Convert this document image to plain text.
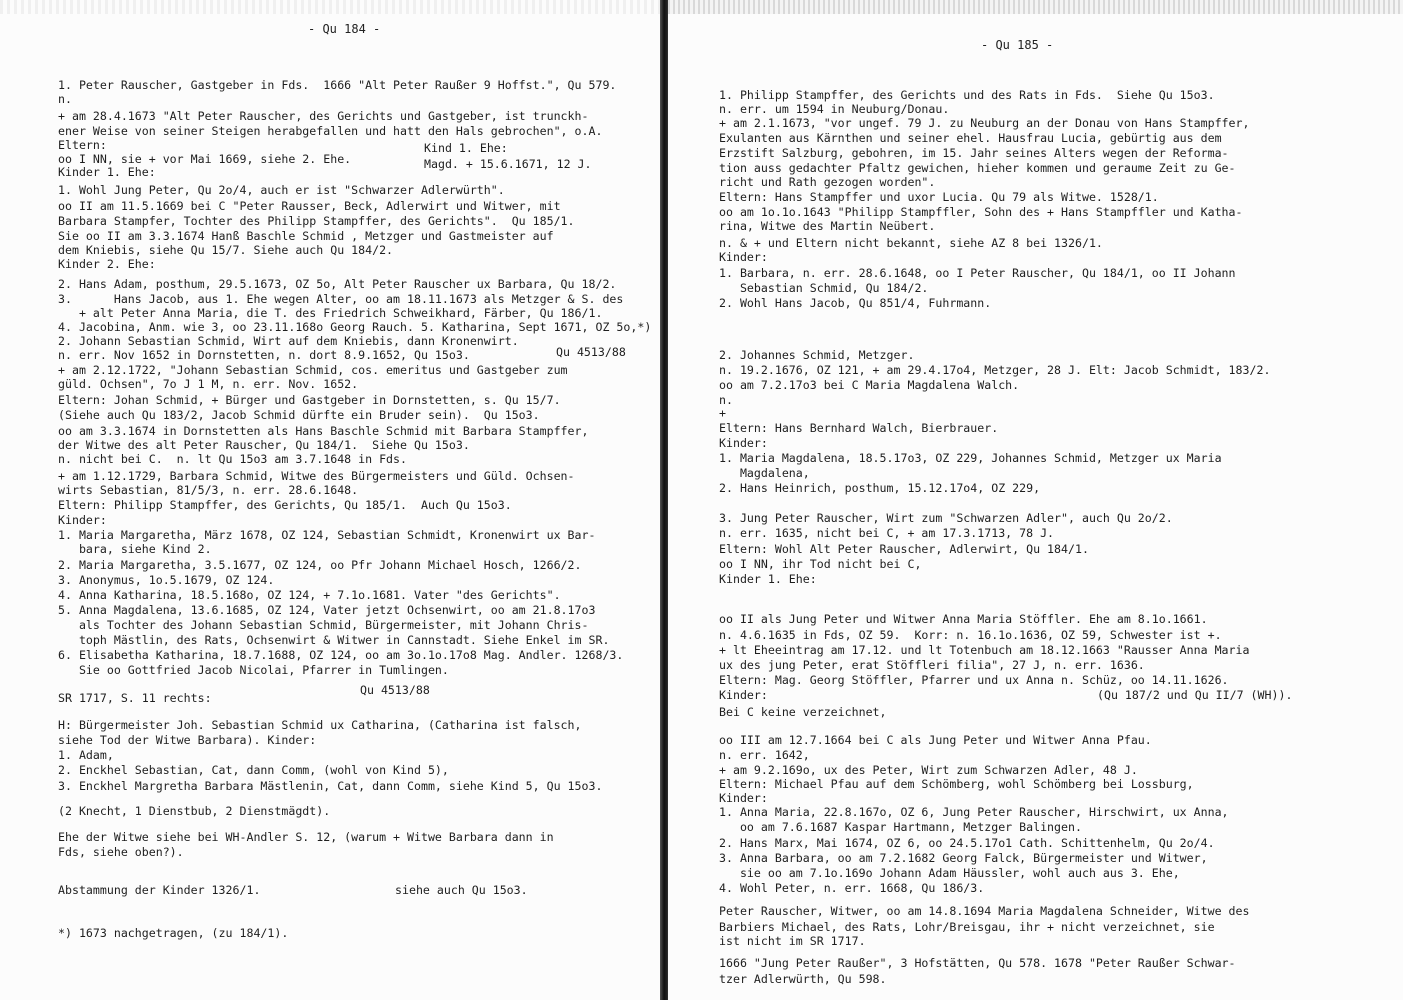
- Qu 184 -
1. Peter Rauscher, Gastgeber in Fds.  1666 "Alt Peter Raußer 9 Hoffst.", Qu 579.
n.
+ am 28.4.1673 "Alt Peter Rauscher, des Gerichts und Gastgeber, ist trunckh-
ener Weise von seiner Steigen herabgefallen und hatt den Hals gebrochen", o.A.
Eltern:
oo I NN, sie + vor Mai 1669, siehe 2. Ehe.
Kinder 1. Ehe:
1. Wohl Jung Peter, Qu 2o/4, auch er ist "Schwarzer Adlerwürth".
oo II am 11.5.1669 bei C "Peter Rausser, Beck, Adlerwirt und Witwer, mit
Barbara Stampfer, Tochter des Philipp Stampffer, des Gerichts".  Qu 185/1.
Sie oo II am 3.3.1674 Hanß Baschle Schmid , Metzger und Gastmeister auf
dem Kniebis, siehe Qu 15/7. Siehe auch Qu 184/2.
Kinder 2. Ehe:
2. Hans Adam, posthum, 29.5.1673, OZ 5o, Alt Peter Rauscher ux Barbara, Qu 18/2.
3.      Hans Jacob, aus 1. Ehe wegen Alter, oo am 18.11.1673 als Metzger & S. des
+ alt Peter Anna Maria, die T. des Friedrich Schweikhard, Färber, Qu 186/1.
4. Jacobina, Anm. wie 3, oo 23.11.168o Georg Rauch. 5. Katharina, Sept 1671, OZ 5o,*)
2. Johann Sebastian Schmid, Wirt auf dem Kniebis, dann Kronenwirt.
n. err. Nov 1652 in Dornstetten, n. dort 8.9.1652, Qu 15o3.
+ am 2.12.1722, "Johann Sebastian Schmid, cos. emeritus und Gastgeber zum
güld. Ochsen", 7o J 1 M, n. err. Nov. 1652.
Eltern: Johan Schmid, + Bürger und Gastgeber in Dornstetten, s. Qu 15/7.
(Siehe auch Qu 183/2, Jacob Schmid dürfte ein Bruder sein).  Qu 15o3.
oo am 3.3.1674 in Dornstetten als Hans Baschle Schmid mit Barbara Stampffer,
der Witwe des alt Peter Rauscher, Qu 184/1.  Siehe Qu 15o3.
n. nicht bei C.  n. lt Qu 15o3 am 3.7.1648 in Fds.
+ am 1.12.1729, Barbara Schmid, Witwe des Bürgermeisters und Güld. Ochsen-
wirts Sebastian, 81/5/3, n. err. 28.6.1648.
Eltern: Philipp Stampffer, des Gerichts, Qu 185/1.  Auch Qu 15o3.
Kinder:
1. Maria Margaretha, März 1678, OZ 124, Sebastian Schmidt, Kronenwirt ux Bar-
bara, siehe Kind 2.
2. Maria Margaretha, 3.5.1677, OZ 124, oo Pfr Johann Michael Hosch, 1266/2.
3. Anonymus, 1o.5.1679, OZ 124.
4. Anna Katharina, 18.5.168o, OZ 124, + 7.1o.1681. Vater "des Gerichts".
5. Anna Magdalena, 13.6.1685, OZ 124, Vater jetzt Ochsenwirt, oo am 21.8.17o3
als Tochter des Johann Sebastian Schmid, Bürgermeister, mit Johann Chris-
toph Mästlin, des Rats, Ochsenwirt & Witwer in Cannstadt. Siehe Enkel im SR.
6. Elisabetha Katharina, 18.7.1688, OZ 124, oo am 3o.1o.17o8 Mag. Andler. 1268/3.
Sie oo Gottfried Jacob Nicolai, Pfarrer in Tumlingen.
SR 1717, S. 11 rechts:
H: Bürgermeister Joh. Sebastian Schmid ux Catharina, (Catharina ist falsch,
siehe Tod der Witwe Barbara). Kinder:
1. Adam,
2. Enckhel Sebastian, Cat, dann Comm, (wohl von Kind 5),
3. Enckhel Margretha Barbara Mästlenin, Cat, dann Comm, siehe Kind 5, Qu 15o3.
(2 Knecht, 1 Dienstbub, 2 Dienstmägdt).
Ehe der Witwe siehe bei WH-Andler S. 12, (warum + Witwe Barbara dann in
Fds, siehe oben?).
Abstammung der Kinder 1326/1.
*) 1673 nachgetragen, (zu 184/1).
Kind 1. Ehe:
Magd. + 15.6.1671, 12 J.
Qu 4513/88
Qu 4513/88
siehe auch Qu 15o3.
- Qu 185 -
1. Philipp Stampffer, des Gerichts und des Rats in Fds.  Siehe Qu 15o3.
n. err. um 1594 in Neuburg/Donau.
+ am 2.1.1673, "vor ungef. 79 J. zu Neuburg an der Donau von Hans Stampffer,
Exulanten aus Kärnthen und seiner ehel. Hausfrau Lucia, gebürtig aus dem
Erzstift Salzburg, gebohren, im 15. Jahr seines Alters wegen der Reforma-
tion auss gedachter Pfaltz gewichen, hieher kommen und geraume Zeit zu Ge-
richt und Rath gezogen worden".
Eltern: Hans Stampffer und uxor Lucia. Qu 79 als Witwe. 1528/1.
oo am 1o.1o.1643 "Philipp Stampffler, Sohn des + Hans Stampffler und Katha-
rina, Witwe des Martin Neübert.
n. & + und Eltern nicht bekannt, siehe AZ 8 bei 1326/1.
Kinder:
1. Barbara, n. err. 28.6.1648, oo I Peter Rauscher, Qu 184/1, oo II Johann
Sebastian Schmid, Qu 184/2.
2. Wohl Hans Jacob, Qu 851/4, Fuhrmann.
2. Johannes Schmid, Metzger.
n. 19.2.1676, OZ 121, + am 29.4.17o4, Metzger, 28 J. Elt: Jacob Schmidt, 183/2.
oo am 7.2.17o3 bei C Maria Magdalena Walch.
n.
+
Eltern: Hans Bernhard Walch, Bierbrauer.
Kinder:
1. Maria Magdalena, 18.5.17o3, OZ 229, Johannes Schmid, Metzger ux Maria
Magdalena,
2. Hans Heinrich, posthum, 15.12.17o4, OZ 229,
3. Jung Peter Rauscher, Wirt zum "Schwarzen Adler", auch Qu 2o/2.
n. err. 1635, nicht bei C, + am 17.3.1713, 78 J.
Eltern: Wohl Alt Peter Rauscher, Adlerwirt, Qu 184/1.
oo I NN, ihr Tod nicht bei C,
Kinder 1. Ehe:
oo II als Jung Peter und Witwer Anna Maria Stöffler. Ehe am 8.1o.1661.
n. 4.6.1635 in Fds, OZ 59.  Korr: n. 16.1o.1636, OZ 59, Schwester ist +.
+ lt Eheeintrag am 17.12. und lt Totenbuch am 18.12.1663 "Rausser Anna Maria
ux des jung Peter, erat Stöffleri filia", 27 J, n. err. 1636.
Eltern: Mag. Georg Stöffler, Pfarrer und ux Anna n. Schüz, oo 14.11.1626.
Kinder:
Bei C keine verzeichnet,
oo III am 12.7.1664 bei C als Jung Peter und Witwer Anna Pfau.
n. err. 1642,
+ am 9.2.169o, ux des Peter, Wirt zum Schwarzen Adler, 48 J.
Eltern: Michael Pfau auf dem Schömberg, wohl Schömberg bei Lossburg,
Kinder:
1. Anna Maria, 22.8.167o, OZ 6, Jung Peter Rauscher, Hirschwirt, ux Anna,
oo am 7.6.1687 Kaspar Hartmann, Metzger Balingen.
2. Hans Marx, Mai 1674, OZ 6, oo 24.5.17o1 Cath. Schittenhelm, Qu 2o/4.
3. Anna Barbara, oo am 7.2.1682 Georg Falck, Bürgermeister und Witwer,
sie oo am 7.1o.169o Johann Adam Häussler, wohl auch aus 3. Ehe,
4. Wohl Peter, n. err. 1668, Qu 186/3.
Peter Rauscher, Witwer, oo am 14.8.1694 Maria Magdalena Schneider, Witwe des
Barbiers Michael, des Rats, Lohr/Breisgau, ihr + nicht verzeichnet, sie
ist nicht im SR 1717.
1666 "Jung Peter Raußer", 3 Hofstätten, Qu 578. 1678 "Peter Raußer Schwar-
tzer Adlerwürth, Qu 598.
(Qu 187/2 und Qu II/7 (WH)).
